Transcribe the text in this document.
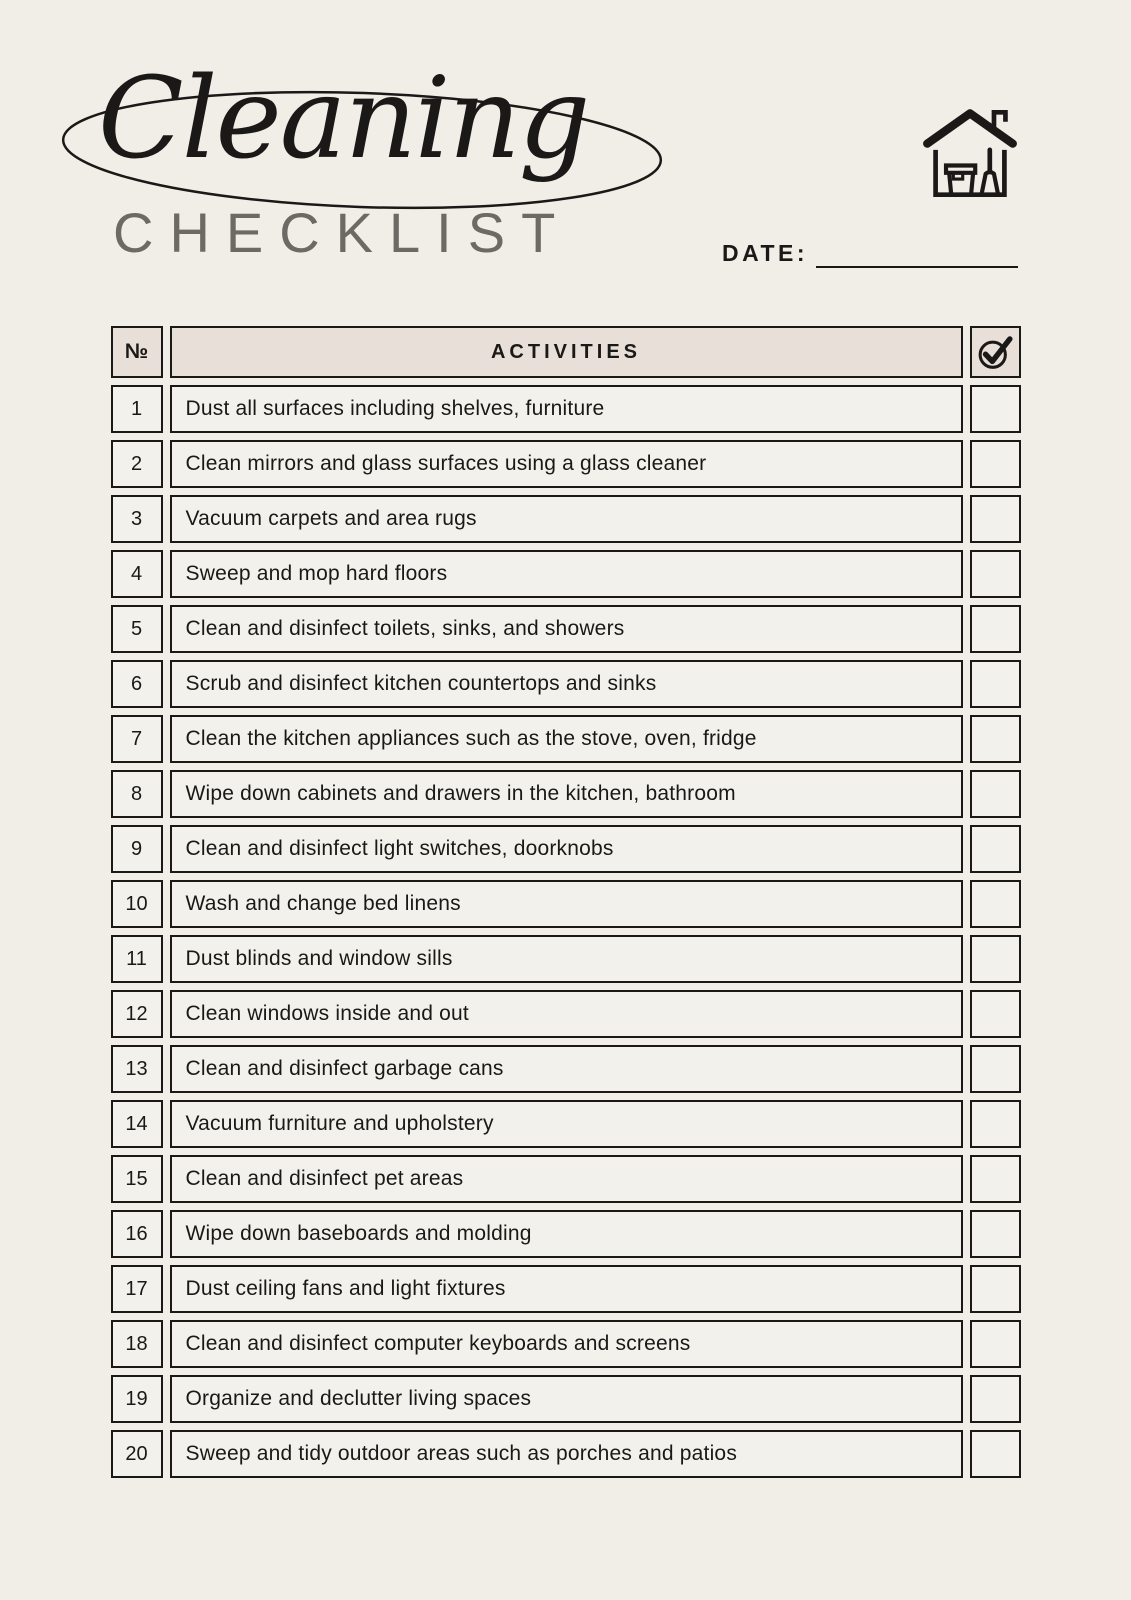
Cleaning
CHECKLIST	DATE:
№	ACTIVITIES
1 Dust all surfaces including shelves, furniture
2 Clean mirrors and glass surfaces using a glass cleaner
3 Vacuum carpets and area rugs
4 Sweep and mop hard floors
5 Clean and disinfect toilets, sinks, and showers
6 Scrub and disinfect kitchen countertops and sinks
7 Clean the kitchen appliances such as the stove, oven, fridge
8 Wipe down cabinets and drawers in the kitchen, bathroom
9 Clean and disinfect light switches, doorknobs
10 Wash and change bed linens
11 Dust blinds and window sills
12 Clean windows inside and out
13 Clean and disinfect garbage cans
14 Vacuum furniture and upholstery
15 Clean and disinfect pet areas
16 Wipe down baseboards and molding
17 Dust ceiling fans and light fixtures
18 Clean and disinfect computer keyboards and screens
19 Organize and declutter living spaces
20 Sweep and tidy outdoor areas such as porches and patios
